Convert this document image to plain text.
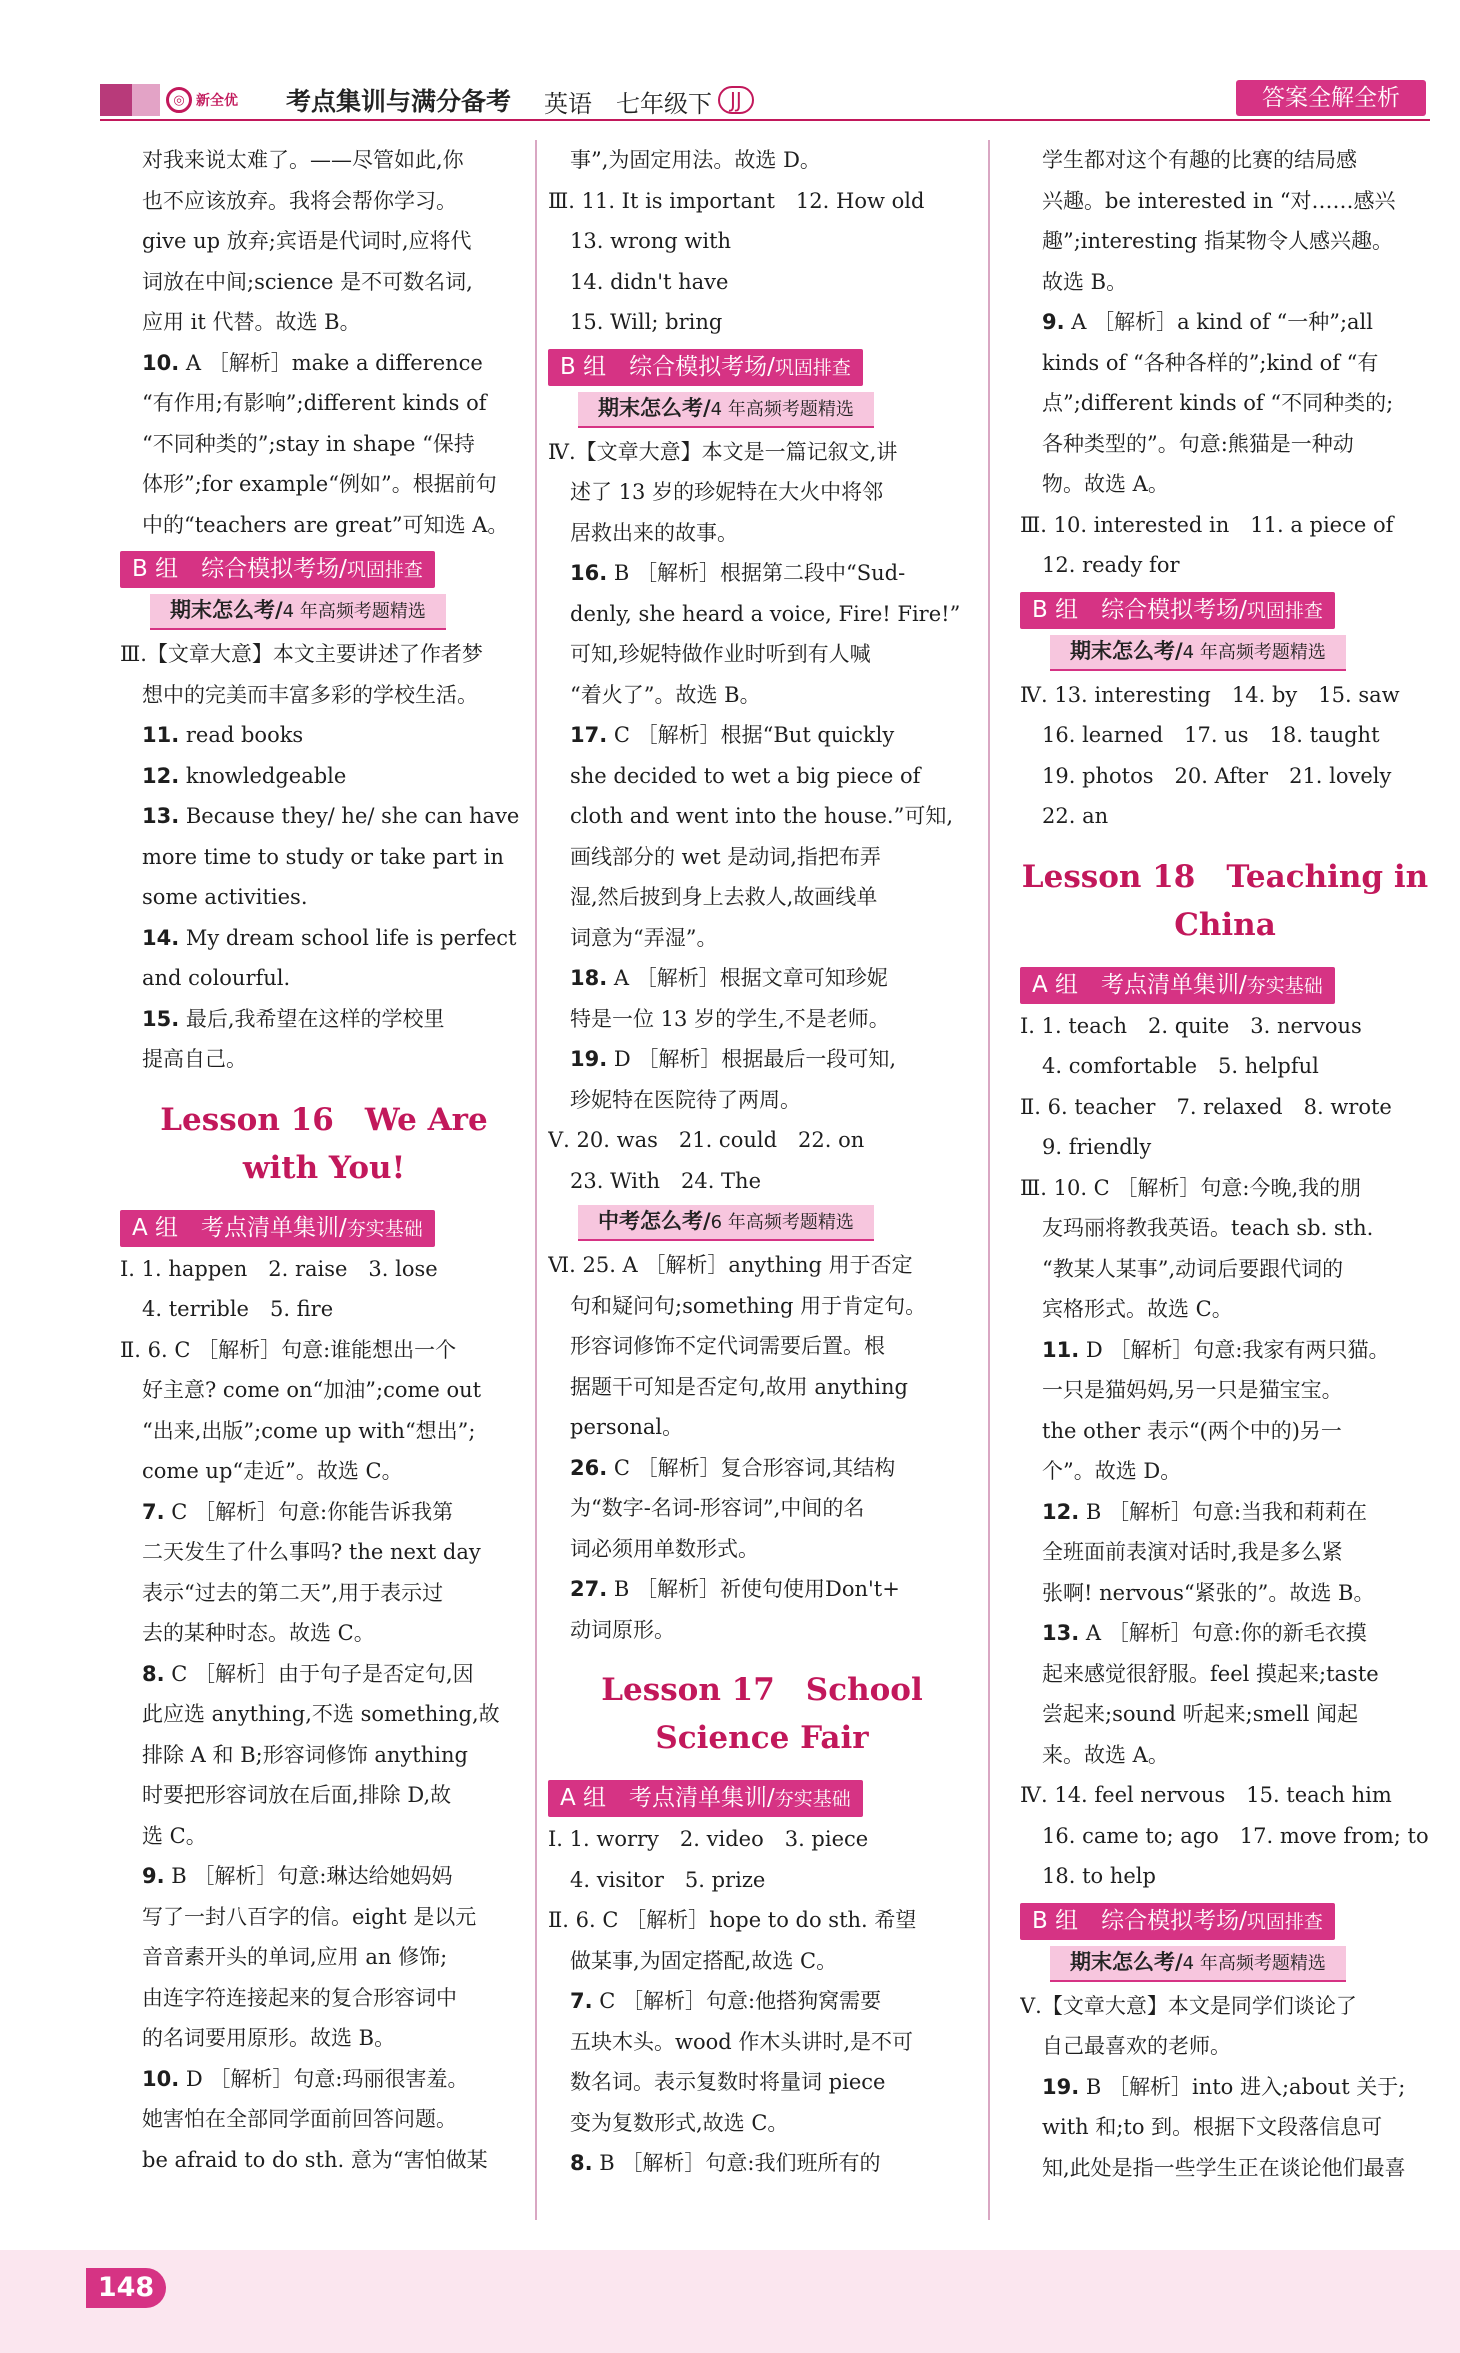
◎ 新全优 考点集训与满分备考 英语 七年级下 JJ	答案全解全析
对我来说太难了。——尽管如此,你
也不应该放弃。我将会帮你学习。
give up 放弃;宾语是代词时,应将代
词放在中间;science 是不可数名词,
应用 it 代替。故选 B。
10. A ［解析］make a difference
“有作用;有影响”;different kinds of
“不同种类的”;stay in shape “保持
体形”;for example“例如”。根据前句
中的“teachers are great”可知选 A。
B 组　综合模拟考场/巩固排查
期末怎么考/4 年高频考题精选
Ⅲ.【文章大意】本文主要讲述了作者梦
想中的完美而丰富多彩的学校生活。
11. read books
12. knowledgeable
13. Because they/ he/ she can have
more time to study or take part in
some activities.
14. My dream school life is perfect
and colourful.
15. 最后,我希望在这样的学校里
提高自己。
Lesson 16　We Are with You!
A 组　考点清单集训/夯实基础
Ⅰ. 1. happen　2. raise　3. lose
4. terrible　5. fire
Ⅱ. 6. C ［解析］句意:谁能想出一个
好主意? come on“加油”;come out
“出来,出版”;come up with“想出”;
come up“走近”。故选 C。
7. C ［解析］句意:你能告诉我第
二天发生了什么事吗? the next day
表示“过去的第二天”,用于表示过
去的某种时态。故选 C。
8. C ［解析］由于句子是否定句,因
此应选 anything,不选 something,故
排除 A 和 B;形容词修饰 anything
时要把形容词放在后面,排除 D,故
选 C。
9. B ［解析］句意:琳达给她妈妈
写了一封八百字的信。eight 是以元
音音素开头的单词,应用 an 修饰;
由连字符连接起来的复合形容词中
的名词要用原形。故选 B。
10. D ［解析］句意:玛丽很害羞。
她害怕在全部同学面前回答问题。
be afraid to do sth. 意为“害怕做某
事”,为固定用法。故选 D。
Ⅲ. 11. It is important　12. How old
13. wrong with
14. didn't have
15. Will; bring
B 组　综合模拟考场/巩固排查
期末怎么考/4 年高频考题精选
Ⅳ.【文章大意】本文是一篇记叙文,讲
述了 13 岁的珍妮特在大火中将邻
居救出来的故事。
16. B ［解析］根据第二段中“Sud-
denly, she heard a voice, Fire! Fire!”
可知,珍妮特做作业时听到有人喊
“着火了”。故选 B。
17. C ［解析］根据“But quickly
she decided to wet a big piece of
cloth and went into the house.”可知,
画线部分的 wet 是动词,指把布弄
湿,然后披到身上去救人,故画线单
词意为“弄湿”。
18. A ［解析］根据文章可知珍妮
特是一位 13 岁的学生,不是老师。
19. D ［解析］根据最后一段可知,
珍妮特在医院待了两周。
Ⅴ. 20. was　21. could　22. on
23. With　24. The
中考怎么考/6 年高频考题精选
Ⅵ. 25. A ［解析］anything 用于否定
句和疑问句;something 用于肯定句。
形容词修饰不定代词需要后置。根
据题干可知是否定句,故用 anything
personal。
26. C ［解析］复合形容词,其结构
为“数字-名词-形容词”,中间的名
词必须用单数形式。
27. B ［解析］祈使句使用Don't+
动词原形。
Lesson 17　School Science Fair
A 组　考点清单集训/夯实基础
Ⅰ. 1. worry　2. video　3. piece
4. visitor　5. prize
Ⅱ. 6. C ［解析］hope to do sth. 希望
做某事,为固定搭配,故选 C。
7. C ［解析］句意:他搭狗窝需要
五块木头。wood 作木头讲时,是不可
数名词。表示复数时将量词 piece
变为复数形式,故选 C。
8. B ［解析］句意:我们班所有的
学生都对这个有趣的比赛的结局感
兴趣。be interested in “对……感兴
趣”;interesting 指某物令人感兴趣。
故选 B。
9. A ［解析］a kind of “一种”;all
kinds of “各种各样的”;kind of “有
点”;different kinds of “不同种类的;
各种类型的”。句意:熊猫是一种动
物。故选 A。
Ⅲ. 10. interested in　11. a piece of
12. ready for
B 组　综合模拟考场/巩固排查
期末怎么考/4 年高频考题精选
Ⅳ. 13. interesting　14. by　15. saw
16. learned　17. us　18. taught
19. photos　20. After　21. lovely
22. an
Lesson 18　Teaching in China
A 组　考点清单集训/夯实基础
Ⅰ. 1. teach　2. quite　3. nervous
4. comfortable　5. helpful
Ⅱ. 6. teacher　7. relaxed　8. wrote
9. friendly
Ⅲ. 10. C ［解析］句意:今晚,我的朋
友玛丽将教我英语。teach sb. sth.
“教某人某事”,动词后要跟代词的
宾格形式。故选 C。
11. D ［解析］句意:我家有两只猫。
一只是猫妈妈,另一只是猫宝宝。
the other 表示“(两个中的)另一
个”。故选 D。
12. B ［解析］句意:当我和莉莉在
全班面前表演对话时,我是多么紧
张啊! nervous“紧张的”。故选 B。
13. A ［解析］句意:你的新毛衣摸
起来感觉很舒服。feel 摸起来;taste
尝起来;sound 听起来;smell 闻起
来。故选 A。
Ⅳ. 14. feel nervous　15. teach him
16. came to; ago　17. move from; to
18. to help
B 组　综合模拟考场/巩固排查
期末怎么考/4 年高频考题精选
Ⅴ.【文章大意】本文是同学们谈论了
自己最喜欢的老师。
19. B ［解析］into 进入;about 关于;
with 和;to 到。根据下文段落信息可
知,此处是指一些学生正在谈论他们最喜
148
